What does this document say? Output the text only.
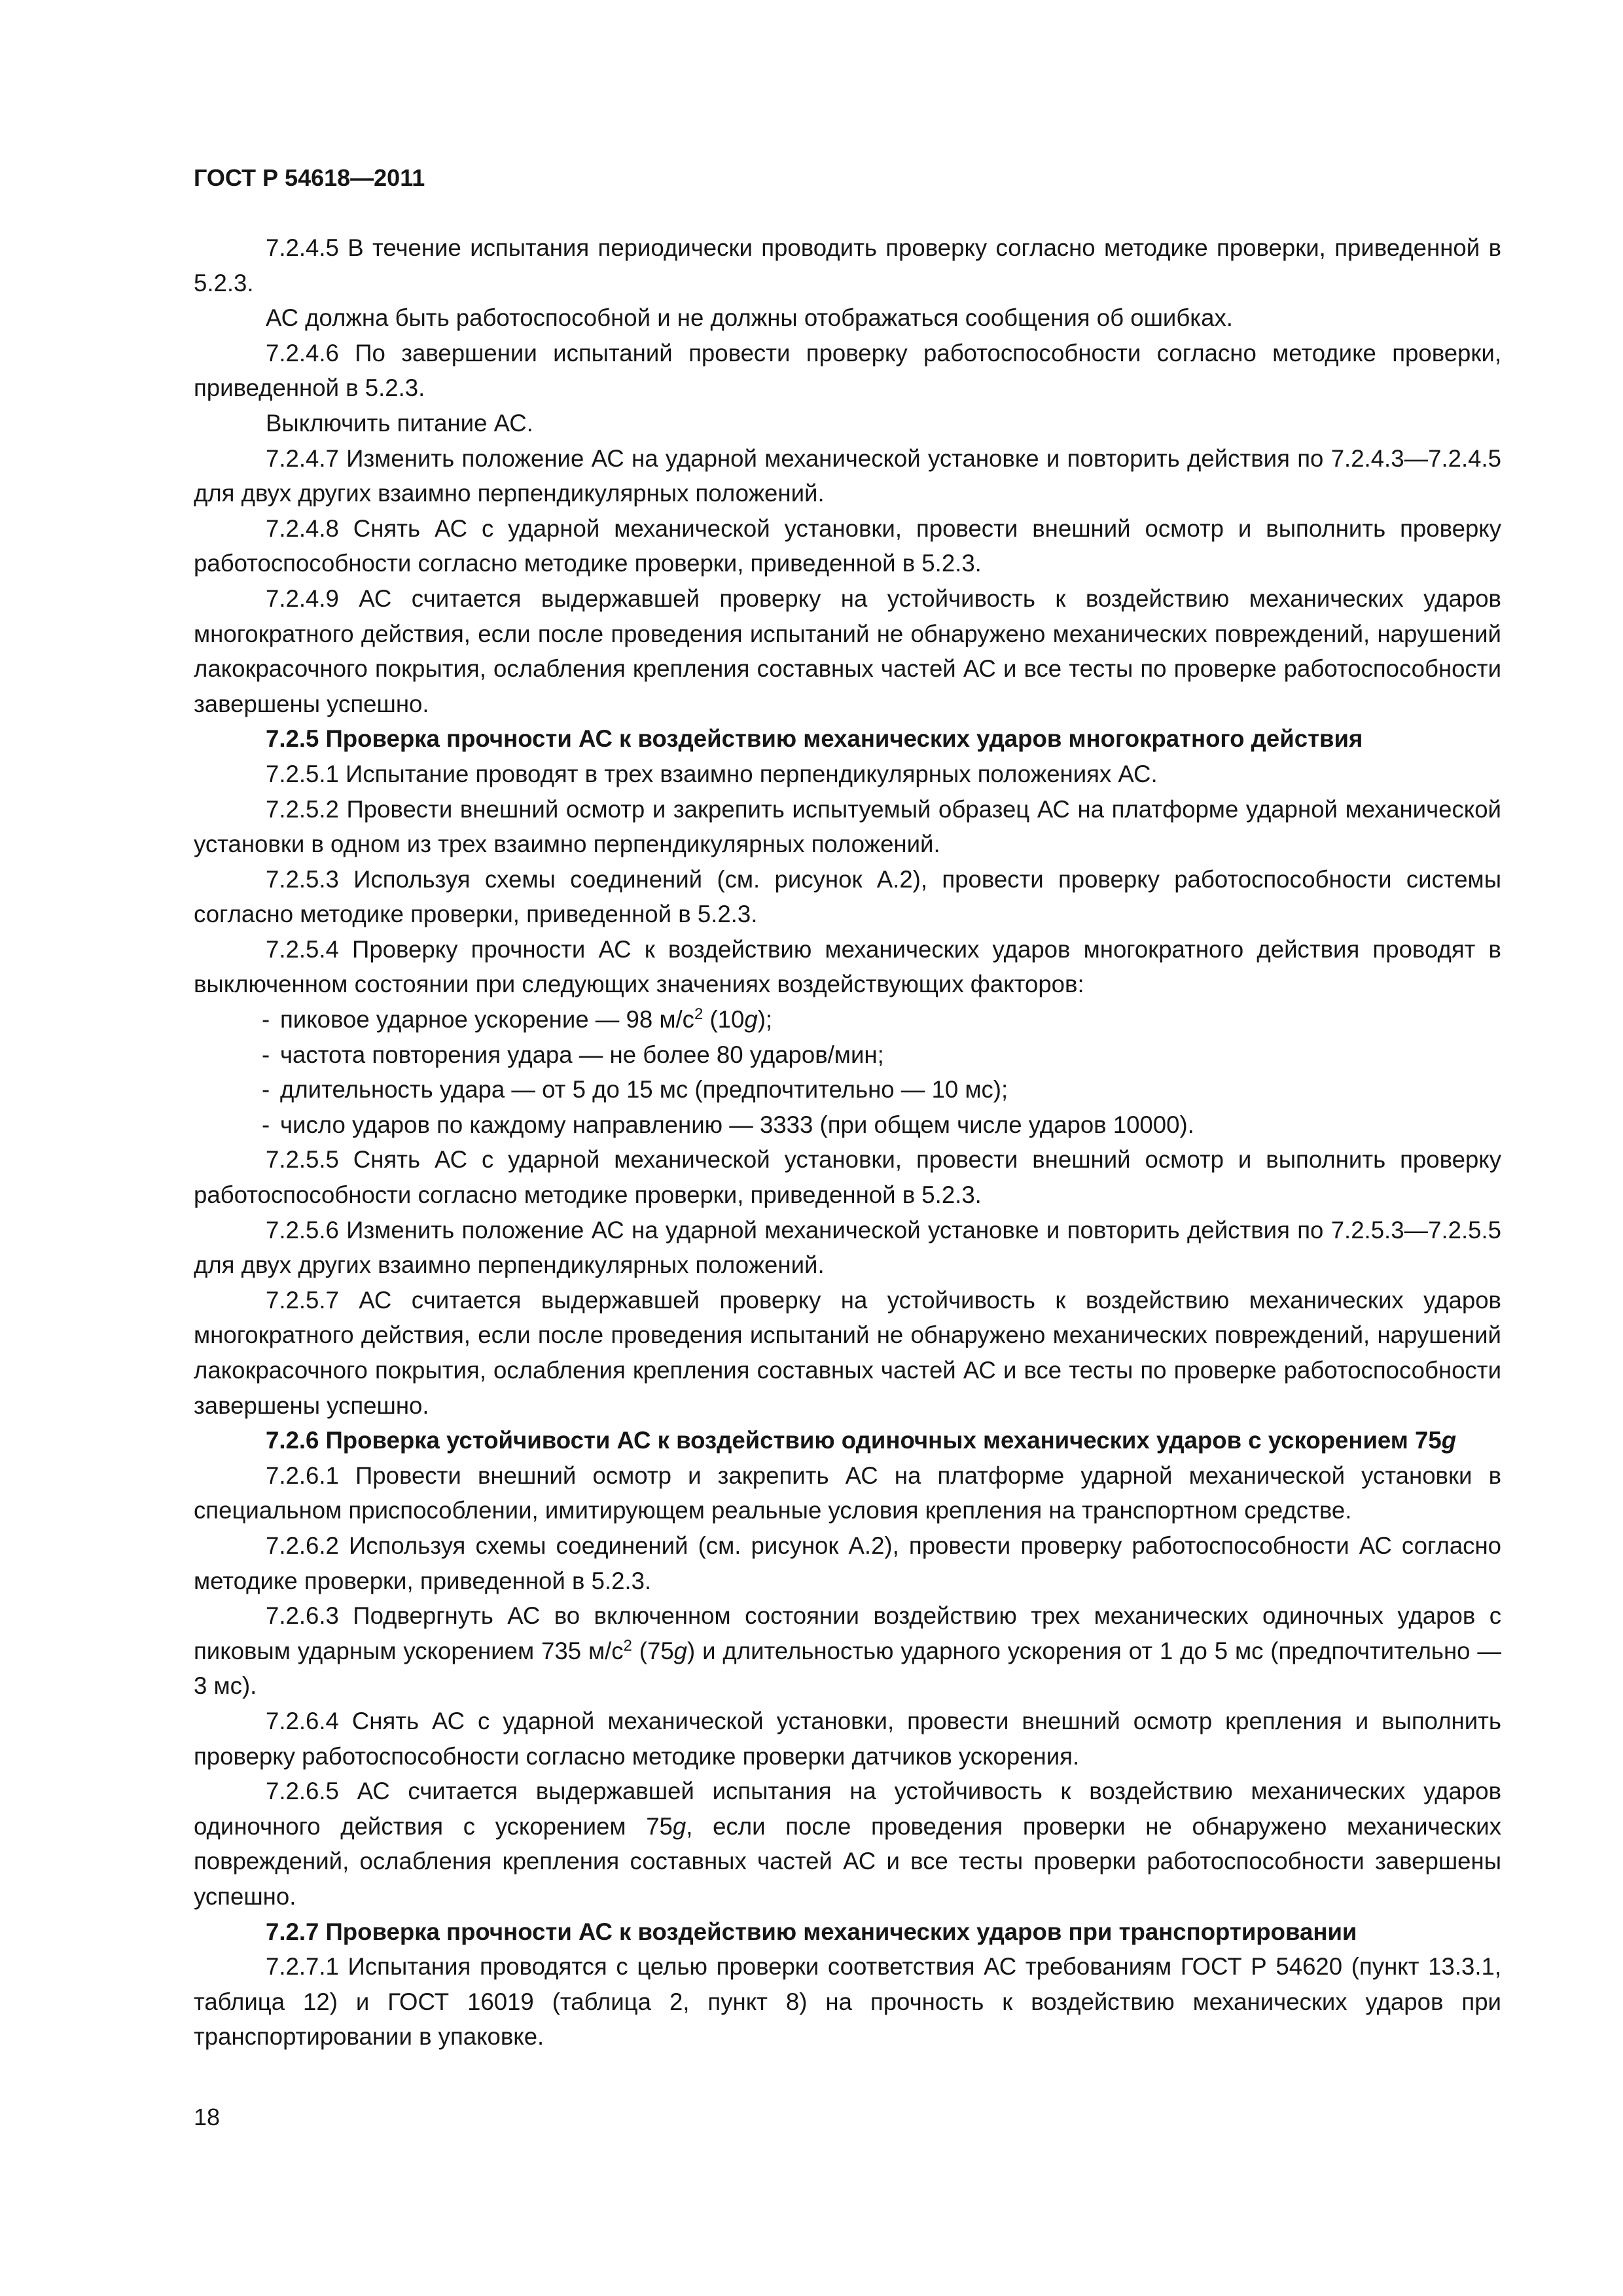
ГОСТ Р 54618—2011

7.2.4.5 В течение испытания периодически проводить проверку согласно методике проверки, приведенной в 5.2.3.

АС должна быть работоспособной и не должны отображаться сообщения об ошибках.

7.2.4.6 По завершении испытаний провести проверку работоспособности согласно методике проверки, приведенной в 5.2.3.

Выключить питание АС.

7.2.4.7 Изменить положение АС на ударной механической установке и повторить действия по 7.2.4.3—7.2.4.5 для двух других взаимно перпендикулярных положений.

7.2.4.8 Снять АС с ударной механической установки, провести внешний осмотр и выполнить проверку работоспособности согласно методике проверки, приведенной в 5.2.3.

7.2.4.9 АС считается выдержавшей проверку на устойчивость к воздействию механических ударов многократного действия, если после проведения испытаний не обнаружено механических повреждений, нарушений лакокрасочного покрытия, ослабления крепления составных частей АС и все тесты по проверке работоспособности завершены успешно.

7.2.5 Проверка прочности АС к воздействию механических ударов многократного действия

7.2.5.1 Испытание проводят в трех взаимно перпендикулярных положениях АС.

7.2.5.2 Провести внешний осмотр и закрепить испытуемый образец АС на платформе ударной механической установки в одном из трех взаимно перпендикулярных положений.

7.2.5.3 Используя схемы соединений (см. рисунок А.2), провести проверку работоспособности системы согласно методике проверки, приведенной в 5.2.3.

7.2.5.4 Проверку прочности АС к воздействию механических ударов многократного действия проводят в выключенном состоянии при следующих значениях воздействующих факторов:

- пиковое ударное ускорение — 98 $м/с^2$ (10g);

- частота повторения удара — не более 80 ударов/мин;

- длительность удара — от 5 до 15 мс (предпочтительно — 10 мс);

- число ударов по каждому направлению — 3333 (при общем числе ударов 10000).

7.2.5.5 Снять АС с ударной механической установки, провести внешний осмотр и выполнить проверку работоспособности согласно методике проверки, приведенной в 5.2.3.

7.2.5.6 Изменить положение АС на ударной механической установке и повторить действия по 7.2.5.3—7.2.5.5 для двух других взаимно перпендикулярных положений.

7.2.5.7 АС считается выдержавшей проверку на устойчивость к воздействию механических ударов многократного действия, если после проведения испытаний не обнаружено механических повреждений, нарушений лакокрасочного покрытия, ослабления крепления составных частей АС и все тесты по проверке работоспособности завершены успешно.

7.2.6 Проверка устойчивости АС к воздействию одиночных механических ударов с ускорением 75g

7.2.6.1 Провести внешний осмотр и закрепить АС на платформе ударной механической установки в специальном приспособлении, имитирующем реальные условия крепления на транспортном средстве.

7.2.6.2 Используя схемы соединений (см. рисунок А.2), провести проверку работоспособности АС согласно методике проверки, приведенной в 5.2.3.

7.2.6.3 Подвергнуть АС во включенном состоянии воздействию трех механических одиночных ударов с пиковым ударным ускорением 735 $м/с^2$ (75g) и длительностью ударного ускорения от 1 до 5 мс (предпочтительно — 3 мс).

7.2.6.4 Снять АС с ударной механической установки, провести внешний осмотр крепления и выполнить проверку работоспособности согласно методике проверки датчиков ускорения.

7.2.6.5 АС считается выдержавшей испытания на устойчивость к воздействию механических ударов одиночного действия с ускорением 75g, если после проведения проверки не обнаружено механических повреждений, ослабления крепления составных частей АС и все тесты проверки работоспособности завершены успешно.

7.2.7 Проверка прочности АС к воздействию механических ударов при транспортировании

7.2.7.1 Испытания проводятся с целью проверки соответствия АС требованиям ГОСТ Р 54620 (пункт 13.3.1, таблица 12) и ГОСТ 16019 (таблица 2, пункт 8) на прочность к воздействию механических ударов при транспортировании в упаковке.

18
